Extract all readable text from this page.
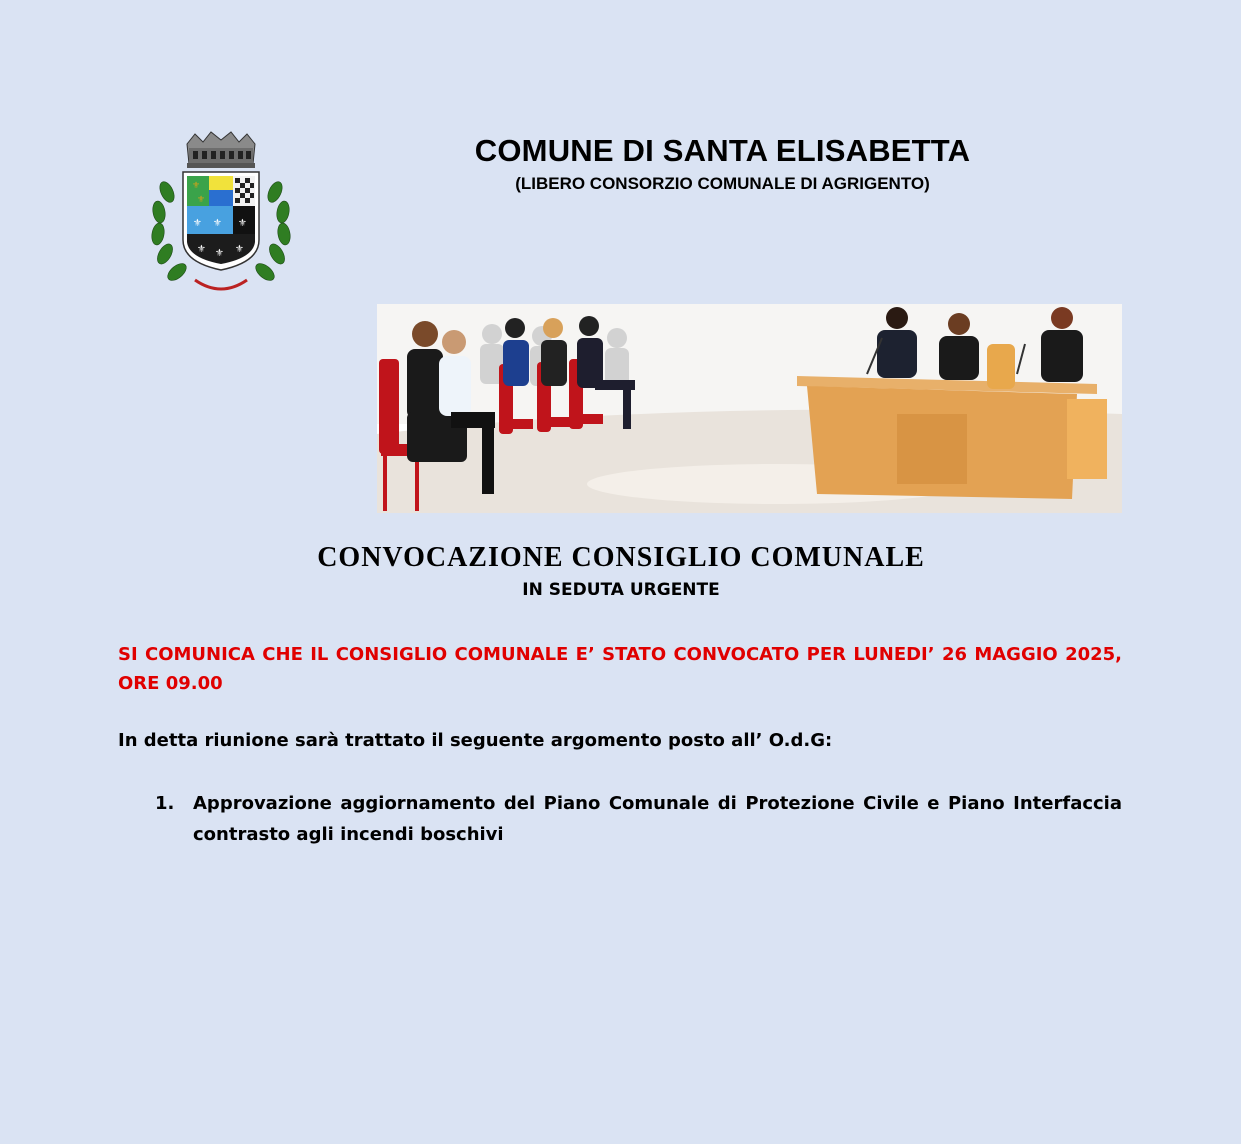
⚜ ⚜ ⚜
⚜ ⚜ ⚜
⚜
⚜
COMUNE DI SANTA ELISABETTA
(LIBERO CONSORZIO COMUNALE DI AGRIGENTO)
CONVOCAZIONE CONSIGLIO COMUNALE
IN SEDUTA URGENTE
SI COMUNICA CHE IL CONSIGLIO COMUNALE E’ STATO CONVOCATO PER LUNEDI’ 26 MAGGIO 2025, ORE 09.00
In detta riunione sarà trattato il seguente argomento posto all’ O.d.G:
1.	Approvazione aggiornamento del Piano Comunale di Protezione Civile e Piano Interfaccia contrasto agli incendi boschivi
